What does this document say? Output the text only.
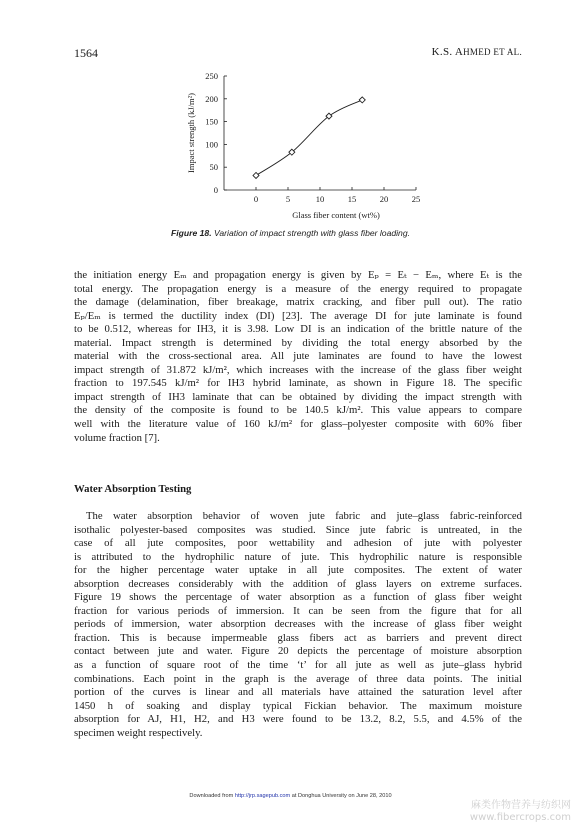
1564	K.S. AHMED ET AL.
0
50
100
150
200
250
0	5	10	15	20	25
Glass fiber content (wt%)
Impact strength (kJ/m²)
Figure 18. Variation of impact strength with glass fiber loading.
the initiation energy Eₘ and propagation energy is given by Eₚ = Eₜ − Eₘ, where Eₜ is the
total energy. The propagation energy is a measure of the energy required to propagate
the damage (delamination, fiber breakage, matrix cracking, and fiber pull out). The ratio
Eₚ/Eₘ is termed the ductility index (DI) [23]. The average DI for jute laminate is found
to be 0.512, whereas for IH3, it is 3.98. Low DI is an indication of the brittle nature of the
material. Impact strength is determined by dividing the total energy absorbed by the
material with the cross-sectional area. All jute laminates are found to have the lowest
impact strength of 31.872 kJ/m², which increases with the increase of the glass fiber weight
fraction to 197.545 kJ/m² for IH3 hybrid laminate, as shown in Figure 18. The specific
impact strength of IH3 laminate that can be obtained by dividing the impact strength with
the density of the composite is found to be 140.5 kJ/m². This value appears to compare
well with the literature value of 160 kJ/m² for glass–polyester composite with 60% fiber
volume fraction [7].
Water Absorption Testing
The water absorption behavior of woven jute fabric and jute–glass fabric-reinforced
isothalic polyester-based composites was studied. Since jute fabric is untreated, in the
case of all jute composites, poor wettability and adhesion of jute with polyester
is attributed to the hydrophilic nature of jute. This hydrophilic nature is responsible
for the higher percentage water uptake in all jute composites. The extent of water
absorption decreases considerably with the addition of glass layers on extreme surfaces.
Figure 19 shows the percentage of water absorption as a function of glass fiber weight
fraction for various periods of immersion. It can be seen from the figure that for all
periods of immersion, water absorption decreases with the increase of glass fiber weight
fraction. This is because impermeable glass fibers act as barriers and prevent direct
contact between jute and water. Figure 20 depicts the percentage of moisture absorption
as a function of square root of the time ‘t’ for all jute as well as jute–glass hybrid
combinations. Each point in the graph is the average of three data points. The initial
portion of the curves is linear and all materials have attained the saturation level after
1450 h of soaking and display typical Fickian behavior. The maximum moisture
absorption for AJ, H1, H2, and H3 were found to be 13.2, 8.2, 5.5, and 4.5% of the
specimen weight respectively.
Downloaded from http://jrp.sagepub.com at Donghua University on June 28, 2010
麻类作物营养与纺织网
www.fibercrops.com
